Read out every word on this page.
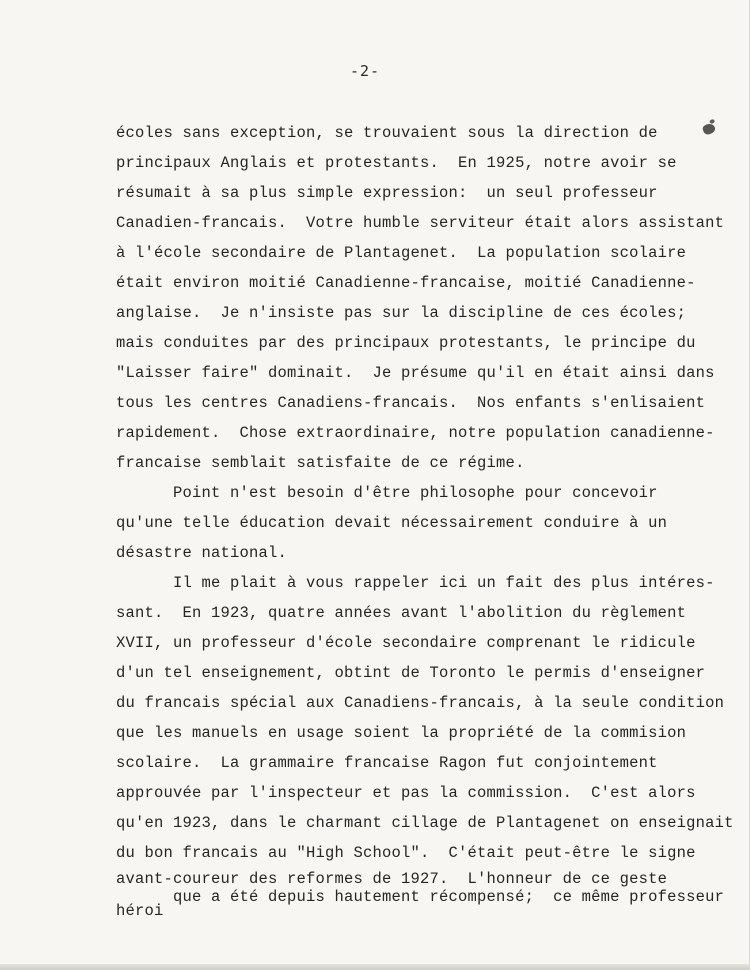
-2-
écoles sans exception, se trouvaient sous la direction de
principaux Anglais et protestants.  En 1925, notre avoir se
résumait à sa plus simple expression:  un seul professeur
Canadien-francais.  Votre humble serviteur était alors assistant
à l'école secondaire de Plantagenet.  La population scolaire
était environ moitié Canadienne-francaise, moitié Canadienne-
anglaise.  Je n'insiste pas sur la discipline de ces écoles;
mais conduites par des principaux protestants, le principe du
"Laisser faire" dominait.  Je présume qu'il en était ainsi dans
tous les centres Canadiens-francais.  Nos enfants s'enlisaient
rapidement.  Chose extraordinaire, notre population canadienne-
francaise semblait satisfaite de ce régime.
Point n'est besoin d'être philosophe pour concevoir
qu'une telle éducation devait nécessairement conduire à un
désastre national.
Il me plait à vous rappeler ici un fait des plus intéres-
sant.  En 1923, quatre années avant l'abolition du règlement
XVII, un professeur d'école secondaire comprenant le ridicule
d'un tel enseignement, obtint de Toronto le permis d'enseigner
du francais spécial aux Canadiens-francais, à la seule condition
que les manuels en usage soient la propriété de la commision
scolaire.  La grammaire francaise Ragon fut conjointement
approuvée par l'inspecteur et pas la commission.  C'est alors
qu'en 1923, dans le charmant cillage de Plantagenet on enseignait
du bon francais au "High School".  C'était peut-être le signe
avant-coureur des reformes de 1927.  L'honneur de ce geste
que a été depuis hautement récompensé;  ce même professeur
héroi
